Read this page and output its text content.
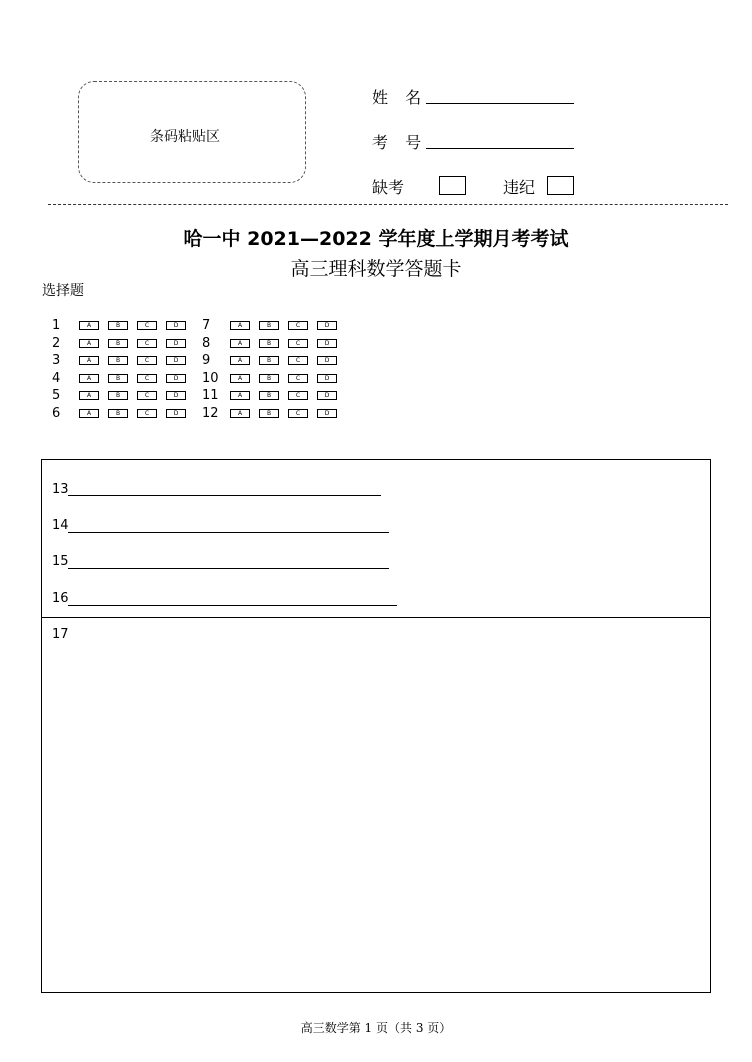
条码粘贴区
姓 名
考 号
缺考	违纪
哈一中 2021—2022 学年度上学期月考考试
高三理科数学答题卡
选择题
1	A	B	C	D
2	A	B	C	D
3	A	B	C	D
4	A	B	C	D
5	A	B	C	D
6	A	B	C	D
7	A	B	C	D
8	A	B	C	D
9	A	B	C	D
10	A	B	C	D
11	A	B	C	D
12	A	B	C	D
13
14
15
16
17
高三数学第 1 页（共 3 页）
